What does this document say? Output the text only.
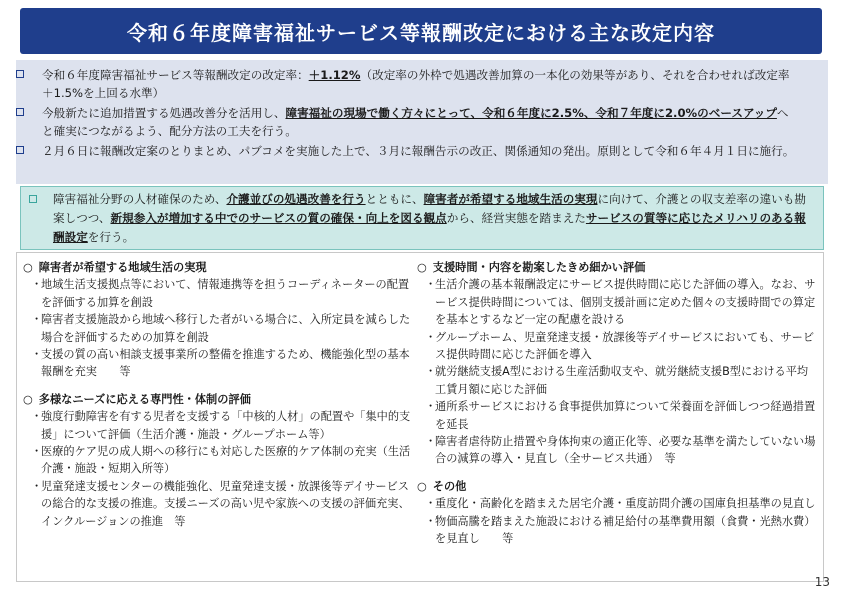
令和６年度障害福祉サービス等報酬改定における主な改定内容
令和６年度障害福祉サービス等報酬改定の改定率：＋1.12%（改定率の外枠で処遇改善加算の一本化の効果等があり、それを合わせれば改定率＋1.5%を上回る水準）
今般新たに追加措置する処遇改善分を活用し、障害福祉の現場で働く方々にとって、令和６年度に2.5%、令和７年度に2.0%のベースアップへと確実につながるよう、配分方法の工夫を行う。
２月６日に報酬改定案のとりまとめ、パブコメを実施した上で、３月に報酬告示の改正、関係通知の発出。原則として令和６年４月１日に施行。
障害福祉分野の人材確保のため、介護並びの処遇改善を行うとともに、障害者が希望する地域生活の実現に向けて、介護との収支差率の違いも勘案しつつ、新規参入が増加する中でのサービスの質の確保・向上を図る観点から、経営実態を踏まえたサービスの質等に応じたメリハリのある報酬設定を行う。
○ 障害者が希望する地域生活の実現
・
地域生活支援拠点等において、情報連携等を担うコーディネーターの配置を評価する加算を創設
・
障害者支援施設から地域へ移行した者がいる場合に、入所定員を減らした場合を評価するための加算を創設
・
支援の質の高い相談支援事業所の整備を推進するため、機能強化型の基本報酬を充実　　等
○ 多様なニーズに応える専門性・体制の評価
・
強度行動障害を有する児者を支援する「中核的人材」の配置や「集中的支援」について評価（生活介護・施設・グループホーム等）
・
医療的ケア児の成人期への移行にも対応した医療的ケア体制の充実（生活介護・施設・短期入所等）
・
児童発達支援センターの機能強化、児童発達支援・放課後等デイサービスの総合的な支援の推進。支援ニーズの高い児や家族への支援の評価充実、インクルージョンの推進　等
○ 支援時間・内容を勘案したきめ細かい評価
・
生活介護の基本報酬設定にサービス提供時間に応じた評価の導入。なお、サービス提供時間については、個別支援計画に定めた個々の支援時間での算定を基本とするなど一定の配慮を設ける
・
グループホーム、児童発達支援・放課後等デイサービスにおいても、サービス提供時間に応じた評価を導入
・
就労継続支援A型における生産活動収支や、就労継続支援B型における平均工賃月額に応じた評価
・
通所系サービスにおける食事提供加算について栄養面を評価しつつ経過措置を延長
・
障害者虐待防止措置や身体拘束の適正化等、必要な基準を満たしていない場合の減算の導入・見直し（全サービス共通）　等
○ その他
・
重度化・高齢化を踏まえた居宅介護・重度訪問介護の国庫負担基準の見直し
・
物価高騰を踏まえた施設における補足給付の基準費用額（食費・光熱水費）を見直し　　等
13
